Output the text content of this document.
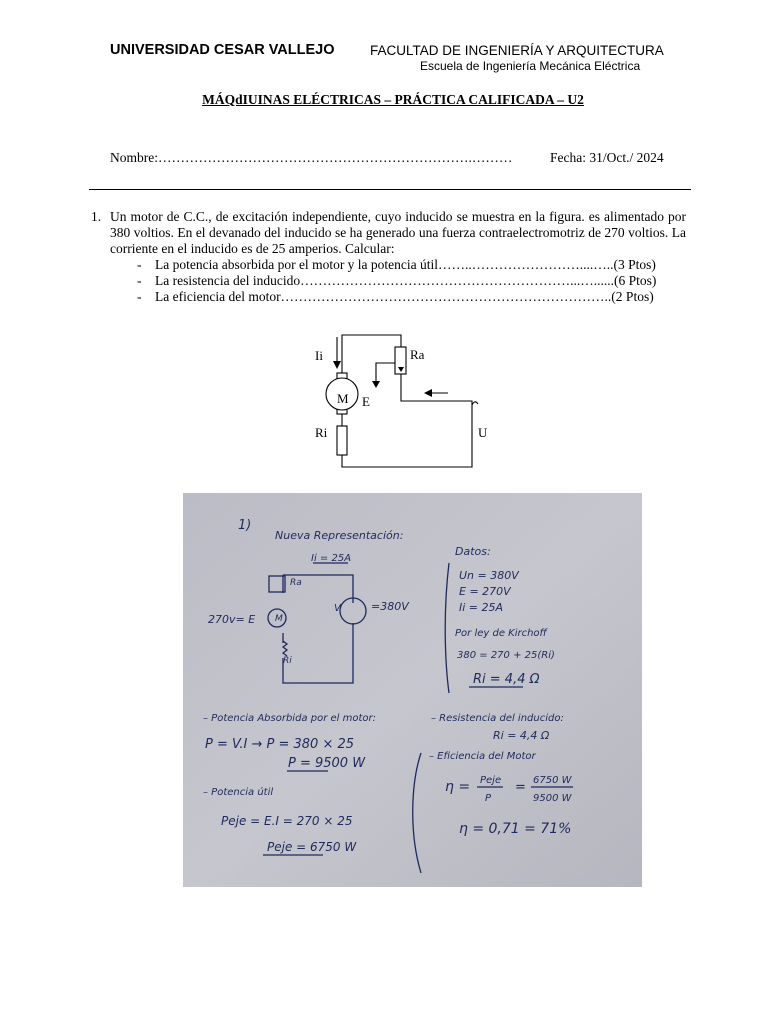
UNIVERSIDAD CESAR VALLEJO	FACULTAD DE INGENIERÍA Y ARQUITECTURA
Escuela de Ingeniería Mecánica Eléctrica
MÁQdIUINAS ELÉCTRICAS – PRÁCTICA CALIFICADA – U2
Nombre:…………………………………………………………….………	Fecha: 31/Oct./ 2024
1. Un motor de C.C., de excitación independiente, cuyo inducido se muestra en la figura. es alimentado por 380 voltios. En el devanado del inducido se ha generado una fuerza contraelectromotriz de 270 voltios. La corriente en el inducido es de 25 amperios. Calcular:
- La potencia absorbida por el motor y la potencia útil……..……………………....…..(3 Ptos)
- La resistencia del inducido……………………………………………………...…......(6 Ptos)
- La eficiencia del motor………………………………………………………………..(2 Ptos)
Ii	Ra
M E
Ri	U
1)
Nueva Representación:
Ii = 25A
Ra
270v= E M
Ri
V	=380V
Datos:
Un = 380V
E = 270V
Ii = 25A
Por ley de Kirchoff
380 = 270 + 25(Ri)
Ri = 4,4 Ω
– Potencia Absorbida por el motor:
P = V.I → P = 380 × 25
P = 9500 W
– Potencia útil
Peje = E.I = 270 × 25
Peje = 6750 W
– Resistencia del inducido:
Ri = 4,4 Ω
– Eficiencia del Motor
η = Peje
P
= 6750 W
9500 W
η = 0,71 = 71%
